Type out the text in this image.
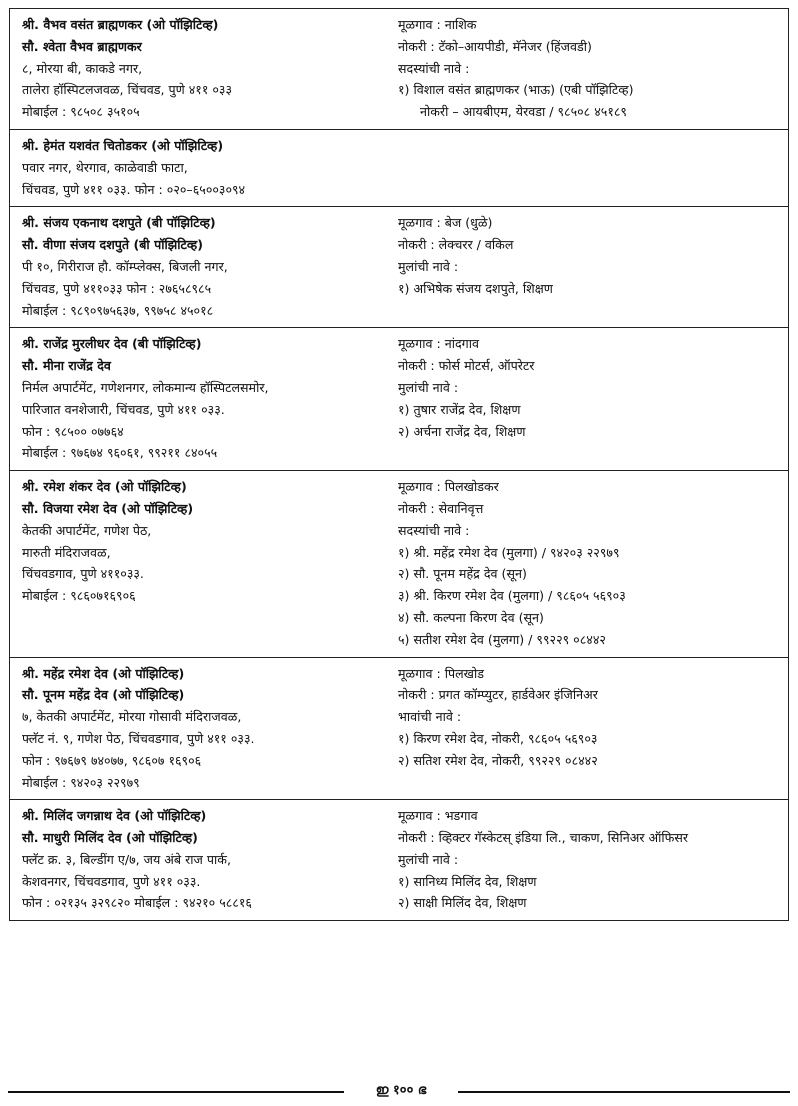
श्री. वैभव वसंत ब्राह्मणकर (ओ पॉझिटिव्ह)
सौ. श्वेता वैभव ब्राह्मणकर
८, मोरया बी, काकडे नगर,
तालेरा हॉस्पिटलजवळ, चिंचवड, पुणे ४११ ०३३
मोबाईल : ९८५०८ ३५१०५
मूळगाव : नाशिक
नोकरी : टॅको–आयपीडी, मॅनेजर (हिंजवडी)
सदस्यांची नावे :
१) विशाल वसंत ब्राह्मणकर (भाऊ) (एबी पॉझिटिव्ह)
नोकरी – आयबीएम, येरवडा / ९८५०८ ४५१८९
श्री. हेमंत यशवंत चितोडकर (ओ पॉझिटिव्ह)
पवार नगर, थेरगाव, काळेवाडी फाटा,
चिंचवड, पुणे ४११ ०३३. फोन : ०२०–६५००३०९४
श्री. संजय एकनाथ दशपुते (बी पॉझिटिव्ह)
सौ. वीणा संजय दशपुते (बी पॉझिटिव्ह)
पी १०, गिरीराज हौ. कॉम्प्लेक्स, बिजली नगर,
चिंचवड, पुणे ४११०३३ फोन : २७६५८९८५
मोबाईल : ९८९०९७५६३७, ९९७५८ ४५०१८
मूळगाव : बेज (धुळे)
नोकरी : लेक्चरर / वकिल
मुलांची नावे :
१) अभिषेक संजय दशपुते, शिक्षण
श्री. राजेंद्र मुरलीधर देव (बी पॉझिटिव्ह)
सौ. मीना राजेंद्र देव
निर्मल अपार्टमेंट, गणेशनगर, लोकमान्य हॉस्पिटलसमोर,
पारिजात वनशेजारी, चिंचवड, पुणे ४११ ०३३.
फोन : ९८५०० ०७७६४
मोबाईल : ९७६७४ ९६०६१, ९९२११ ८४०५५
मूळगाव : नांदगाव
नोकरी : फोर्स मोटर्स, ऑपरेटर
मुलांची नावे :
१) तुषार राजेंद्र देव, शिक्षण
२) अर्चना राजेंद्र देव, शिक्षण
श्री. रमेश शंकर देव (ओ पॉझिटिव्ह)
सौ. विजया रमेश देव (ओ पॉझिटिव्ह)
केतकी अपार्टमेंट, गणेश पेठ,
मारुती मंदिराजवळ,
चिंचवडगाव, पुणे ४११०३३.
मोबाईल : ९८६०७१६९०६
मूळगाव : पिलखोडकर
नोकरी : सेवानिवृत्त
सदस्यांची नावे :
१) श्री. महेंद्र रमेश देव (मुलगा) / ९४२०३ २२९७९
२) सौ. पूनम महेंद्र देव (सून)
३) श्री. किरण रमेश देव (मुलगा) / ९८६०५ ५६९०३
४) सौ. कल्पना किरण देव (सून)
५) सतीश रमेश देव (मुलगा) / ९९२२९ ०८४४२
श्री. महेंद्र रमेश देव (ओ पॉझिटिव्ह)
सौ. पूनम महेंद्र देव (ओ पॉझिटिव्ह)
७, केतकी अपार्टमेंट, मोरया गोसावी मंदिराजवळ,
फ्लॅट नं. ९, गणेश पेठ, चिंचवडगाव, पुणे ४११ ०३३.
फोन : ९७६७९ ७४०७७, ९८६०७ १६९०६
मोबाईल : ९४२०३ २२९७९
मूळगाव : पिलखोड
नोकरी : प्रगत कॉम्प्युटर, हार्डवेअर इंजिनिअर
भावांची नावे :
१) किरण रमेश देव, नोकरी, ९८६०५ ५६९०३
२) सतिश रमेश देव, नोकरी, ९९२२९ ०८४४२
श्री. मिलिंद जगन्नाथ देव (ओ पॉझिटिव्ह)
सौ. माधुरी मिलिंद देव (ओ पॉझिटिव्ह)
फ्लॅट क्र. ३, बिल्डींग ए/७, जय अंबे राज पार्क,
केशवनगर, चिंचवडगाव, पुणे ४११ ०३३.
फोन : ०२१३५ ३२९८२० मोबाईल : ९४२१० ५८८१६
मूळगाव : भडगाव
नोकरी : व्हिक्टर गॅस्केटस् इंडिया लि., चाकण, सिनिअर ऑफिसर
मुलांची नावे :
१) सानिध्य मिलिंद देव, शिक्षण
२) साक्षी मिलिंद देव, शिक्षण
ഇ १०० ഭ
